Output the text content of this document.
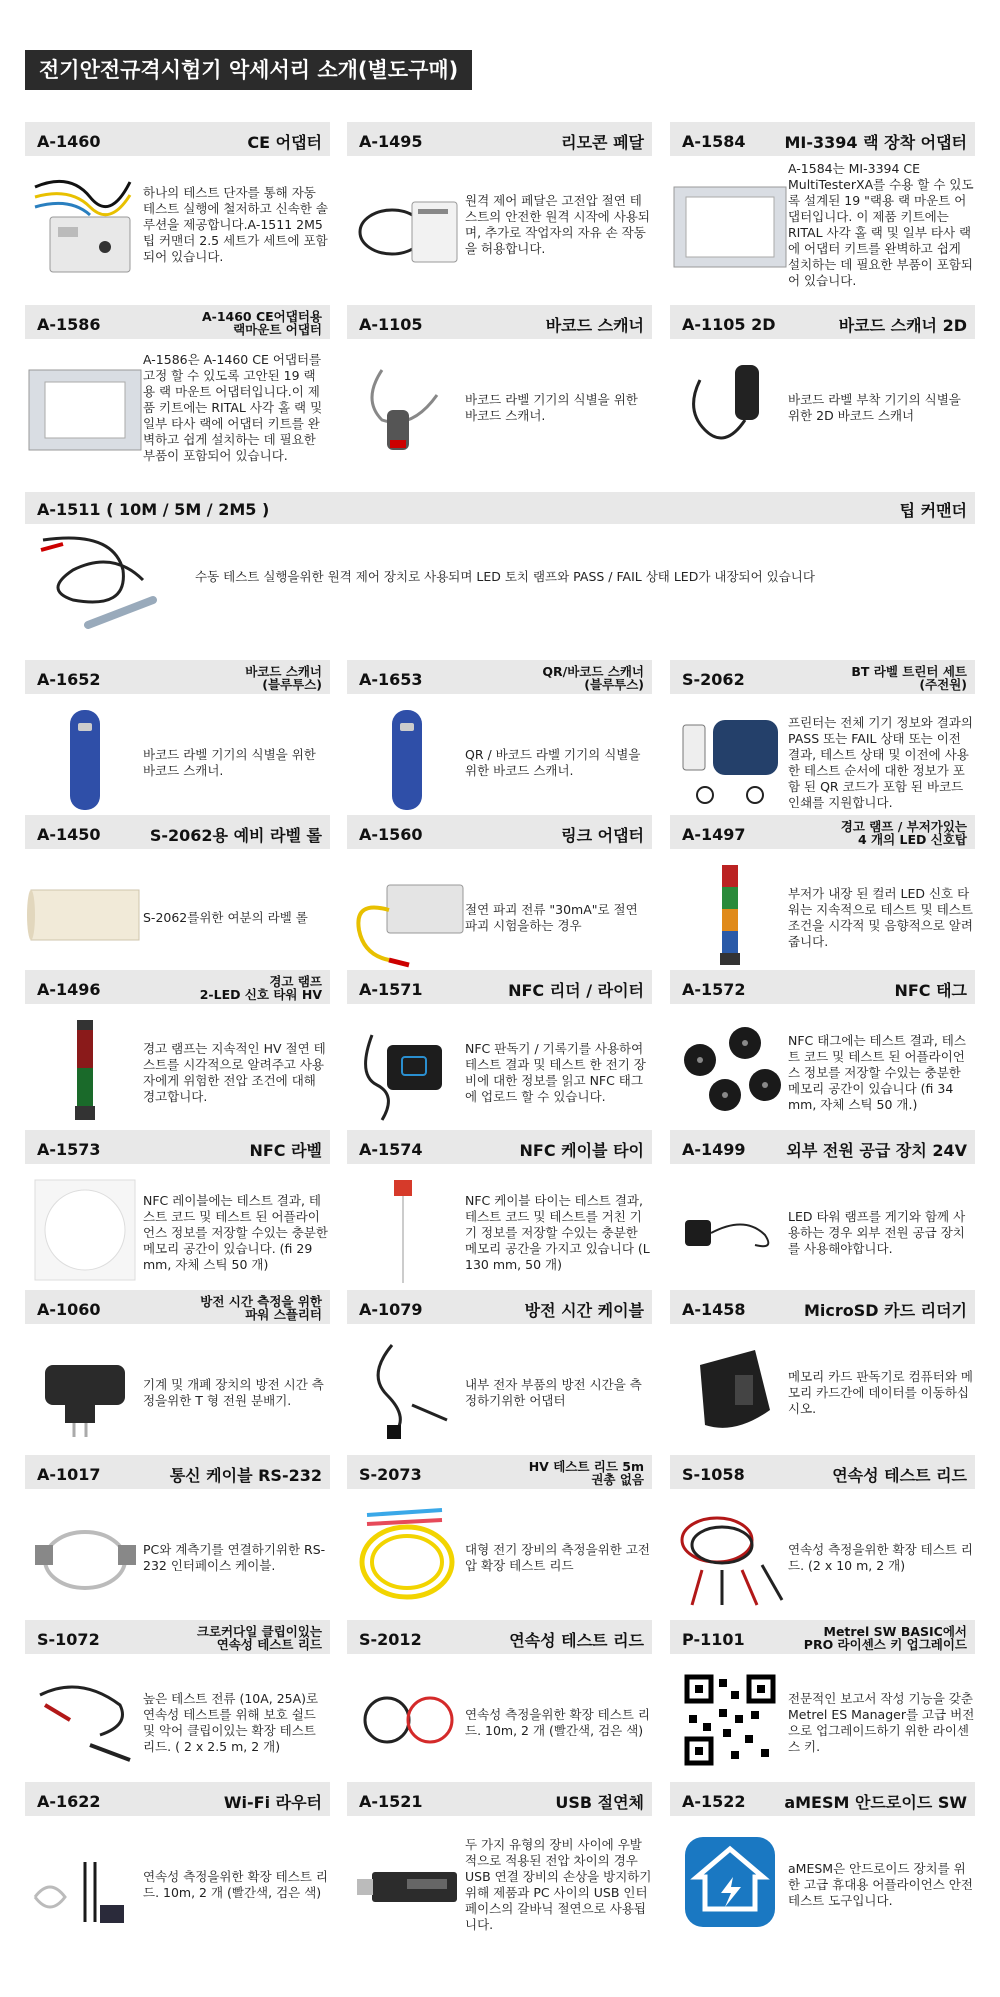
전기안전규격시험기 악세서리 소개(별도구매)
A-1460	CE 어댑터
하나의 테스트 단자를 통해 자동 테스트 실행에 철저하고 신속한 솔루션을 제공합니다.A-1511 2M5 팁 커맨더 2.5 세트가 세트에 포함되어 있습니다.
A-1495	리모콘 페달
원격 제어 페달은 고전압 절연 테스트의 안전한 원격 시작에 사용되며, 추가로 작업자의 자유 손 작동을 허용합니다.
A-1584 MI-3394 랙 장착 어댑터
A-1584는 MI-3394 CE MultiTesterXA를 수용 할 수 있도록 설계된 19 "랙용 랙 마운트 어댑터입니다. 이 제품 키트에는 RITAL 사각 홀 랙 및 일부 타사 랙에 어댑터 키트를 완벽하고 쉽게 설치하는 데 필요한 부품이 포함되어 있습니다.
A-1586	A-1460 CE어댑터용
랙마운트 어댑터
A-1586은 A-1460 CE 어댑터를 고정 할 수 있도록 고안된 19 랙 용 랙 마운트 어댑터입니다.이 제품 키트에는 RITAL 사각 홀 랙 및 일부 타사 랙에 어댑터 키트를 완벽하고 쉽게 설치하는 데 필요한 부품이 포함되어 있습니다.
A-1105	바코드 스캐너
바코드 라벨 기기의 식별을 위한 바코드 스캐너.
A-1105 2D	바코드 스캐너 2D
바코드 라벨 부착 기기의 식별을 위한 2D 바코드 스캐너
A-1511 ( 10M / 5M / 2M5 )	팁 커맨더
수동 테스트 실행을위한 원격 제어 장치로 사용되며 LED 토치 램프와 PASS / FAIL 상태 LED가 내장되어 있습니다
A-1652	바코드 스캐너
(블루투스)
바코드 라벨 기기의 식별을 위한 바코드 스캐너.
A-1653	QR/바코드 스캐너
(블루투스)
QR / 바코드 라벨 기기의 식별을 위한 바코드 스캐너.
S-2062	BT 라벨 트린터 세트
(주전원)
프린터는 전체 기기 정보와 결과의 PASS 또는 FAIL 상태 또는 이전 결과, 테스트 상태 및 이전에 사용한 테스트 순서에 대한 정보가 포함 된 QR 코드가 포함 된 바코드 인쇄를 지원합니다.
A-1450	S-2062용 예비 라벨 롤
S-2062를위한 여분의 라벨 롤
A-1560	링크 어댑터
절연 파괴 전류 "30mA"로 절연 파괴 시험을하는 경우
A-1497	경고 램프 / 부저가있는
4 개의 LED 신호탑
부저가 내장 된 컬러 LED 신호 타워는 지속적으로 테스트 및 테스트 조건을 시각적 및 음향적으로 알려줍니다.
A-1496	경고 램프
2-LED 신호 타워 HV
경고 램프는 지속적인 HV 절연 테스트를 시각적으로 알려주고 사용자에게 위험한 전압 조건에 대해 경고합니다.
A-1571	NFC 리더 / 라이터
NFC 판독기 / 기록기를 사용하여 테스트 결과 및 테스트 한 전기 장비에 대한 정보를 읽고 NFC 태그에 업로드 할 수 있습니다.
A-1572	NFC 태그
NFC 태그에는 테스트 결과, 테스트 코드 및 테스트 된 어플라이언스 정보를 저장할 수있는 충분한 메모리 공간이 있습니다 (fi 34 mm, 자체 스틱 50 개.)
A-1573	NFC 라벨
NFC 레이블에는 테스트 결과, 테스트 코드 및 테스트 된 어플라이언스 정보를 저장할 수있는 충분한 메모리 공간이 있습니다. (fi 29 mm, 자체 스틱 50 개)
A-1574	NFC 케이블 타이
NFC 케이블 타이는 테스트 결과, 테스트 코드 및 테스트를 거친 기기 정보를 저장할 수있는 충분한 메모리 공간을 가지고 있습니다 (L 130 mm, 50 개)
A-1499	외부 전원 공급 장치 24V
LED 타워 램프를 게기와 함께 사용하는 경우 외부 전원 공급 장치를 사용해야합니다.
A-1060	방전 시간 측정을 위한
파워 스플리터
기계 및 개폐 장치의 방전 시간 측정을위한 T 형 전원 분배기.
A-1079	방전 시간 케이블
내부 전자 부품의 방전 시간을 측정하기위한 어댑터
A-1458	MicroSD 카드 리더기
메모리 카드 판독기로 컴퓨터와 메모리 카드간에 데이터를 이동하십시오.
A-1017	통신 케이블 RS-232
PC와 계측기를 연결하기위한 RS-232 인터페이스 케이블.
S-2073	HV 테스트 리드 5m
권총 없음
대형 전기 장비의 측정을위한 고전압 확장 테스트 리드
S-1058	연속성 테스트 리드
연속성 측정을위한 확장 테스트 리드. (2 x 10 m, 2 개)
S-1072	크로커다일 클립이있는
연속성 테스트 리드
높은 테스트 전류 (10A, 25A)로 연속성 테스트를 위해 보호 쉴드 및 악어 클립이있는 확장 테스트 리드. ( 2 x 2.5 m, 2 개)
S-2012	연속성 테스트 리드
연속성 측정을위한 확장 테스트 리드. 10m, 2 개 (빨간색, 검은 색)
P-1101	Metrel SW BASIC에서
PRO 라이센스 키 업그레이드
전문적인 보고서 작성 기능을 갖춘 Metrel ES Manager를 고급 버전으로 업그레이드하기 위한 라이센스 키.
A-1622	Wi-Fi 라우터
연속성 측정을위한 확장 테스트 리드. 10m, 2 개 (빨간색, 검은 색)
A-1521	USB 절연체
두 가지 유형의 장비 사이에 우발적으로 적용된 전압 차이의 경우 USB 연결 장비의 손상을 방지하기 위해 제품과 PC 사이의 USB 인터페이스의 갈바닉 절연으로 사용됩니다.
A-1522 aMESM 안드로이드 SW
aMESM은 안드로이드 장치를 위한 고급 휴대용 어플라이언스 안전 테스트 도구입니다.
